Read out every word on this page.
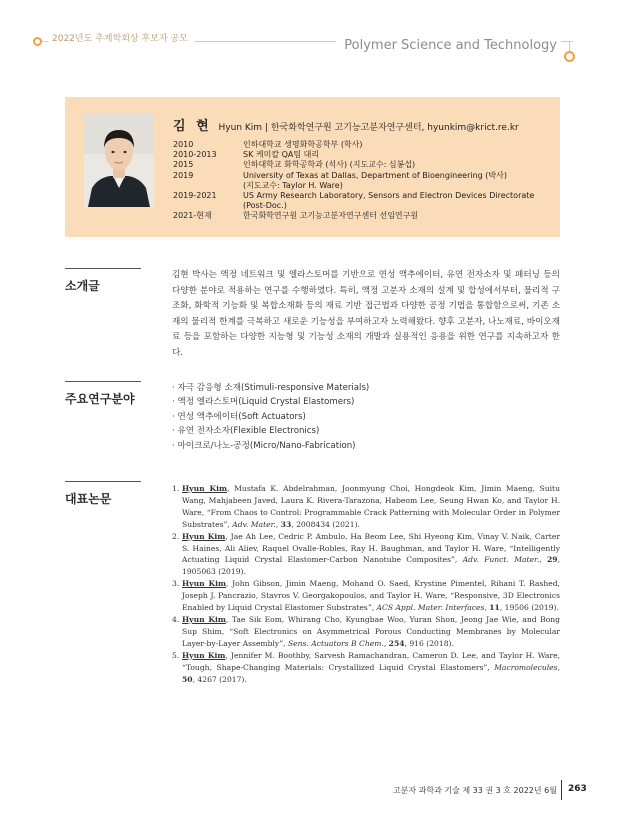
2022년도 추계학회상 후보자 공모	Polymer Science and Technology
김 현 Hyun Kim | 한국화학연구원 고기능고분자연구센터, hyunkim@krict.re.kr
2010	인하대학교 생명화학공학부 (학사)
2010-2013	SK 케미칼 QA팀 대리
2015	인하대학교 화학공학과 (석사) (지도교수: 심봉섭)
2019	University of Texas at Dallas, Department of Bioengineering (박사)
(지도교수: Taylor H. Ware)
2019-2021	US Army Research Laboratory, Sensors and Electron Devices Directorate (Post-Doc.)
2021-현재	한국화학연구원 고기능고분자연구센터 선임연구원
소개글
김현 박사는 액정 네트워크 및 엘라스토머를 기반으로 연성 액추에이터, 유연 전자소자 및 패터닝 등의 다양한 분야로 적용하는 연구를 수행하였다. 특히, 액정 고분자 소재의 설계 및 합성에서부터, 물리적 구조화, 화학적 기능화 및 복합소재화 등의 재료 기반 접근법과 다양한 공정 기법을 통합함으로써, 기존 소재의 물리적 한계를 극복하고 새로운 기능성을 부여하고자 노력해왔다. 향후 고분자, 나노재료, 바이오재료 등을 포함하는 다양한 지능형 및 기능성 소재의 개발과 실용적인 응용을 위한 연구를 지속하고자 한다.
주요연구분야
· 자극 감응형 소재(Stimuli-responsive Materials)
· 액정 엘라스토머(Liquid Crystal Elastomers)
· 연성 액추에이터(Soft Actuators)
· 유연 전자소자(Flexible Electronics)
· 마이크로/나노-공정(Micro/Nano-Fabrication)
대표논문
1. Hyun Kim, Mustafa K. Abdelrahman, Joonmyung Choi, Hongdeok Kim, Jimin Maeng, Suitu Wang, Mahjabeen Javed, Laura K. Rivera-Tarazona, Habeom Lee, Seung Hwan Ko, and Taylor H. Ware, “From Chaos to Control: Programmable Crack Patterning with Molecular Order in Polymer Substrates”, Adv. Mater., 33, 2008434 (2021).
2. Hyun Kim, Jae Ah Lee, Cedric P. Ambulo, Ha Beom Lee, Shi Hyeong Kim, Vinay V. Naik, Carter S. Haines, Ali Aliev, Raquel Ovalle-Robles, Ray H. Baughman, and Taylor H. Ware, “Intelligently Actuating Liquid Crystal Elastomer-Carbon Nanotube Composites”, Adv. Funct. Mater., 29, 1905063 (2019).
3. Hyun Kim, John Gibson, Jimin Maeng, Mohand O. Saed, Krystine Pimentel, Rihani T. Rashed, Joseph J. Pancrazio, Stavros V. Georgakopoulos, and Taylor H. Ware, “Responsive, 3D Electronics Enabled by Liquid Crystal Elastomer Substrates”, ACS Appl. Mater. Interfaces, 11, 19506 (2019).
4. Hyun Kim, Tae Sik Eom, Whirang Cho, Kyungbae Woo, Yuran Shon, Jeong Jae Wie, and Bong Sup Shim, “Soft Electronics on Asymmetrical Porous Conducting Membranes by Molecular Layer-by-Layer Assembly”, Sens. Actuators B Chem., 254, 916 (2018).
5. Hyun Kim, Jennifer M. Boothby, Sarvesh Ramachandran, Cameron D. Lee, and Taylor H. Ware, “Tough, Shape-Changing Materials: Crystallized Liquid Crystal Elastomers”, Macromolecules, 50, 4267 (2017).
고분자 과학과 기술 제 33 권 3 호 2022년 6월 263
